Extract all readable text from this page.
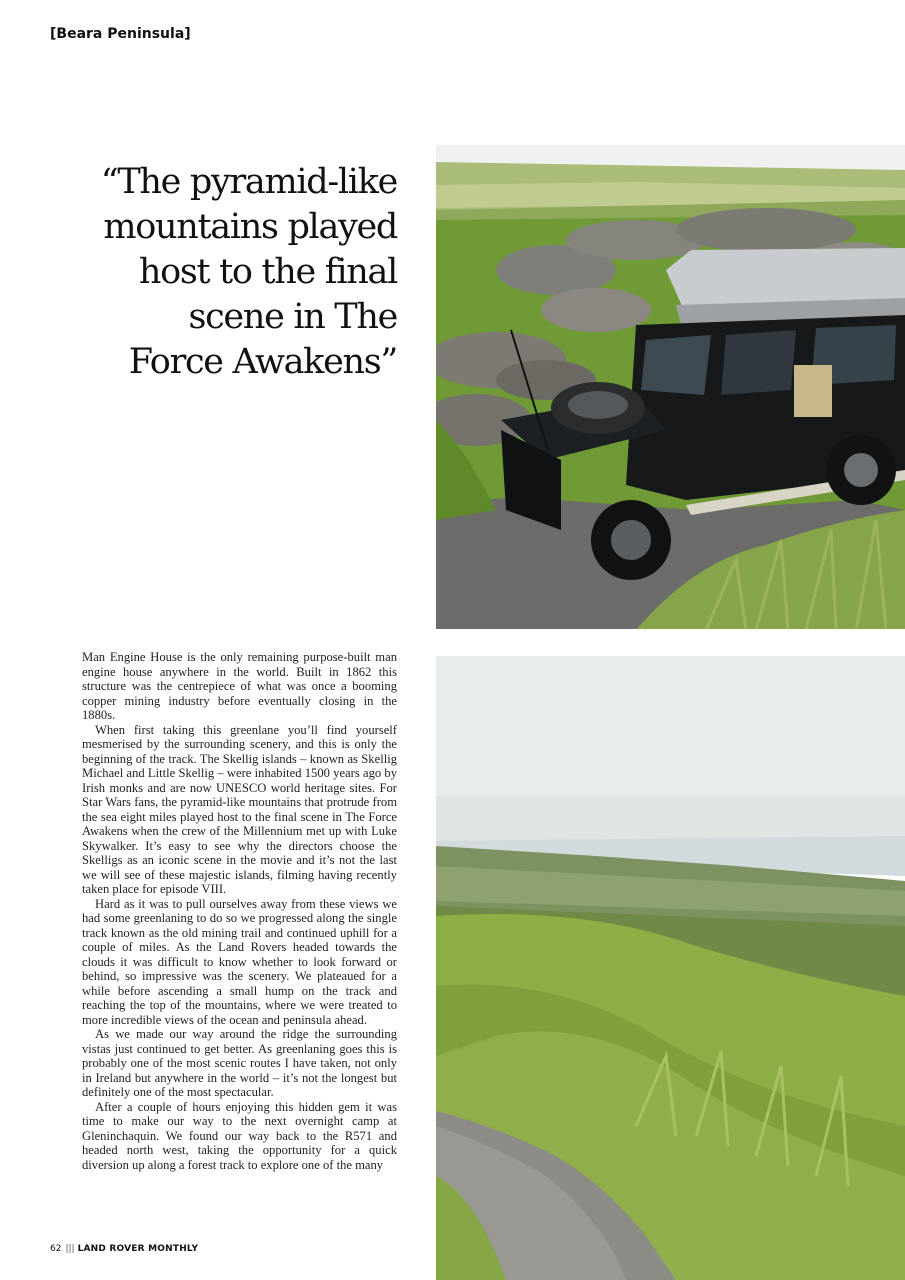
[Beara Peninsula]
“The pyramid-like
mountains played
host to the final
scene in The
Force Awakens”

Man Engine House is the only remaining purpose-built man engine house anywhere in the world. Built in 1862 this structure was the centrepiece of what was once a booming copper mining industry before eventually closing in the 1880s.

When first taking this greenlane you’ll find yourself mesmerised by the surrounding scenery, and this is only the beginning of the track. The Skellig islands – known as Skellig Michael and Little Skellig – were inhabited 1500 years ago by Irish monks and are now UNESCO world heritage sites. For Star Wars fans, the pyramid-like mountains that protrude from the sea eight miles played host to the final scene in The Force Awakens when the crew of the Millennium met up with Luke Skywalker. It’s easy to see why the directors choose the Skelligs as an iconic scene in the movie and it’s not the last we will see of these majestic islands, filming having recently taken place for episode VIII.

Hard as it was to pull ourselves away from these views we had some greenlaning to do so we progressed along the single track known as the old mining trail and continued uphill for a couple of miles. As the Land Rovers headed towards the clouds it was difficult to know whether to look forward or behind, so impressive was the scenery. We plateaued for a while before ascending a small hump on the track and reaching the top of the mountains, where we were treated to more incredible views of the ocean and peninsula ahead.

As we made our way around the ridge the surrounding vistas just continued to get better. As greenlaning goes this is probably one of the most scenic routes I have taken, not only in Ireland but anywhere in the world – it’s not the longest but definitely one of the most spectacular.

After a couple of hours enjoying this hidden gem it was time to make our way to the next overnight camp at Gleninchaquin. We found our way back to the R571 and headed north west, taking the opportunity for a quick diversion up along a forest track to explore one of the many

62 ||| LAND ROVER MONTHLY
